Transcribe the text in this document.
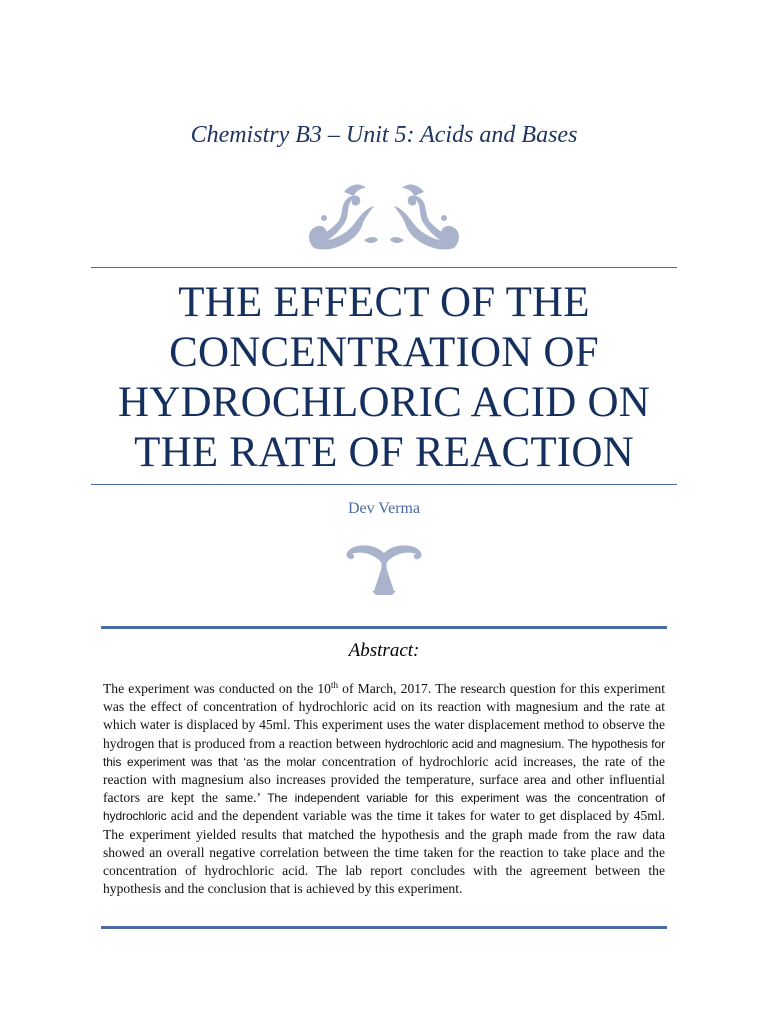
Chemistry B3 – Unit 5: Acids and Bases
THE EFFECT OF THE
CONCENTRATION OF
HYDROCHLORIC ACID ON
THE RATE OF REACTION
Dev Verma
Abstract:
The experiment was conducted on the 10th of March, 2017. The research question for this experiment was the effect of concentration of hydrochloric acid on its reaction with magnesium and the rate at which water is displaced by 45ml. This experiment uses the water displacement method to observe the hydrogen that is produced from a reaction between hydrochloric acid and magnesium. The hypothesis for this experiment was that ‘as the molar concentration of hydrochloric acid increases, the rate of the reaction with magnesium also increases provided the temperature, surface area and other influential factors are kept the same.’ The independent variable for this experiment was the concentration of hydrochloric acid and the dependent variable was the time it takes for water to get displaced by 45ml. The experiment yielded results that matched the hypothesis and the graph made from the raw data showed an overall negative correlation between the time taken for the reaction to take place and the concentration of hydrochloric acid. The lab report concludes with the agreement between the hypothesis and the conclusion that is achieved by this experiment.
